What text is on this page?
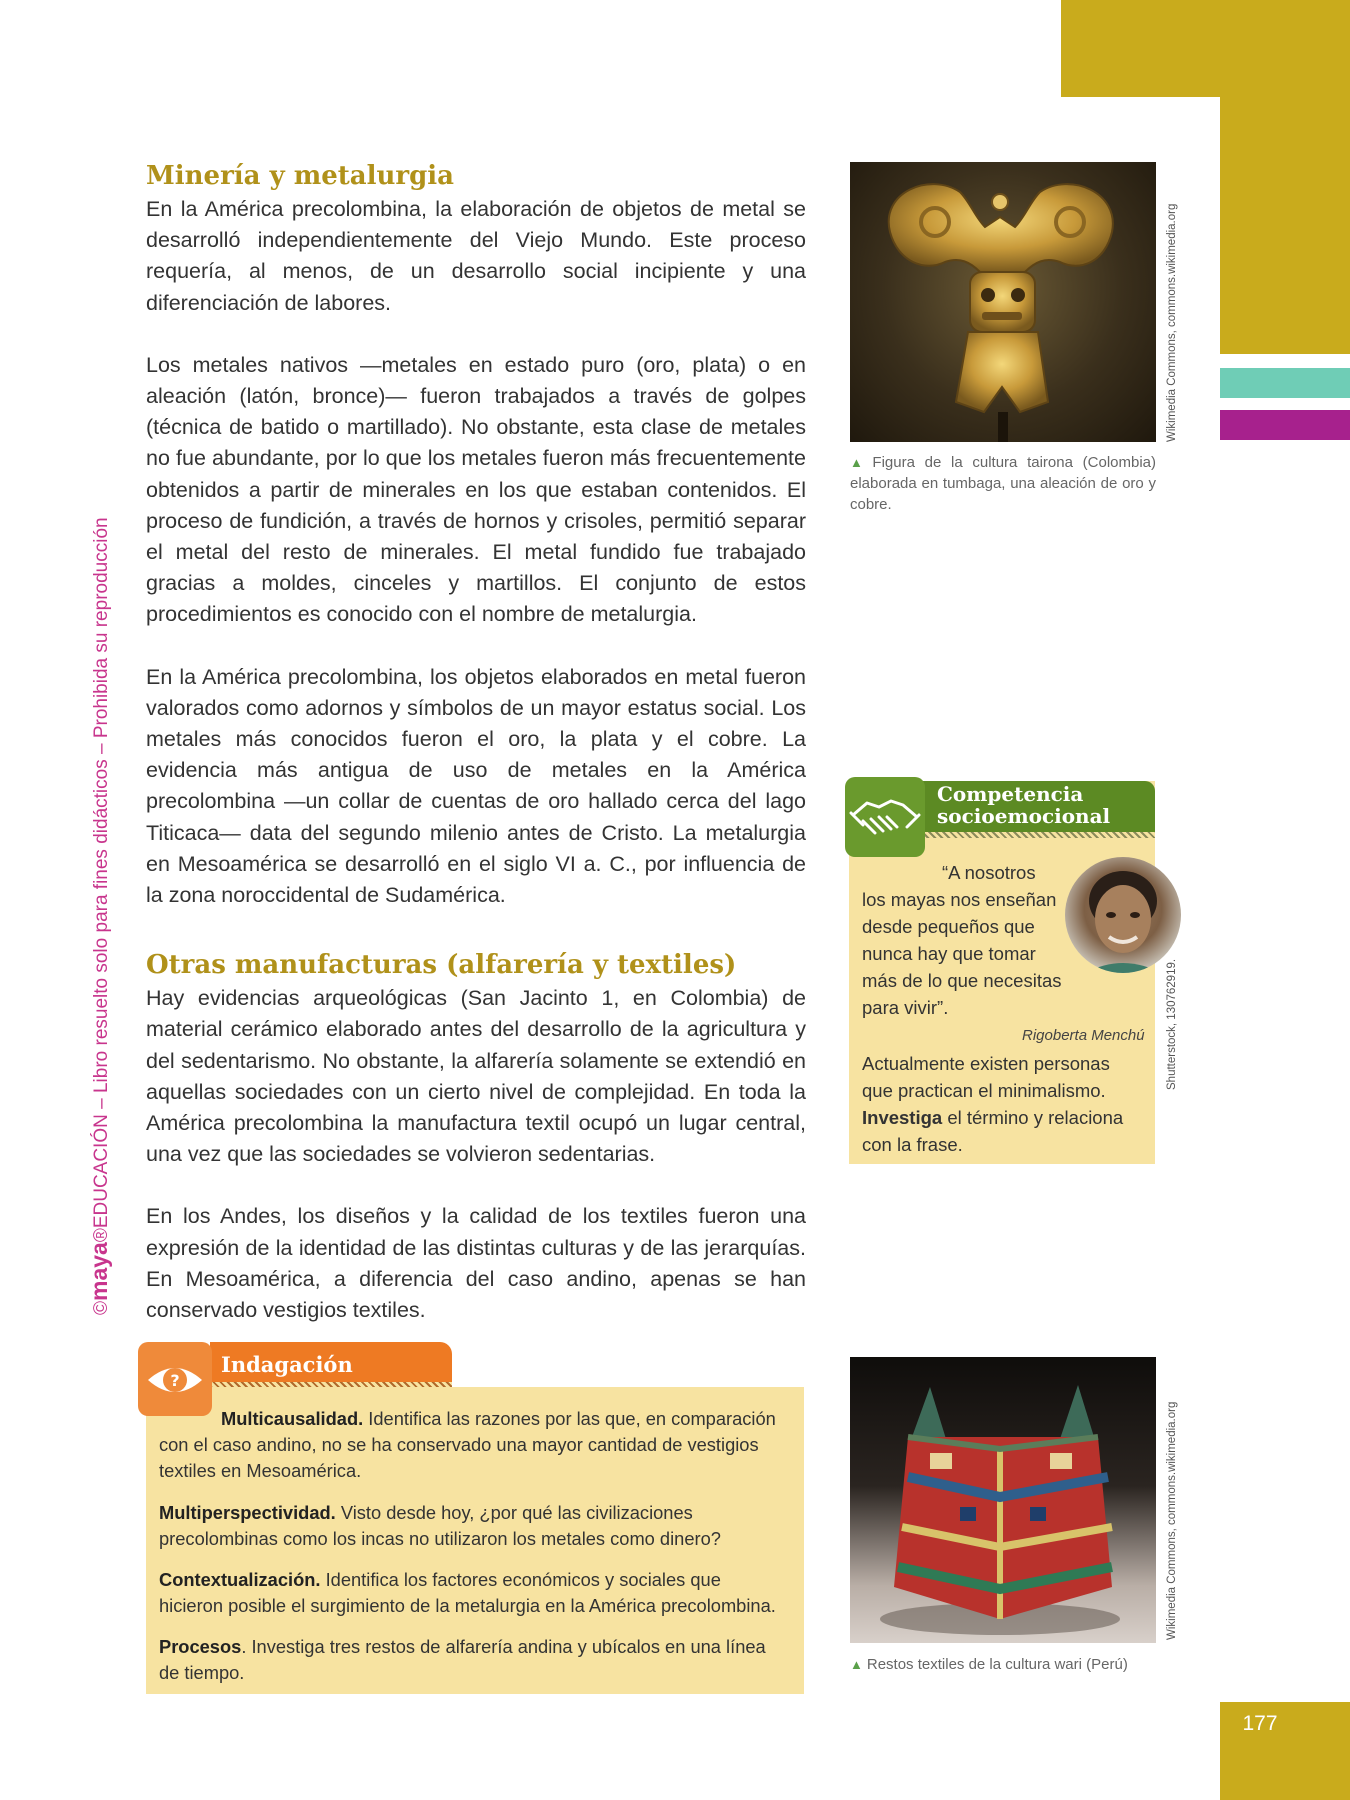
177
©maya®EDUCACIÓN – Libro resuelto solo para fines didácticos – Prohibida su reproducción
Minería y metalurgia

En la América precolombina, la elaboración de objetos de metal se desarrolló independientemente del Viejo Mundo. Este proceso requería, al menos, de un desarrollo social incipiente y una diferenciación de labores.

Los metales nativos —metales en estado puro (oro, plata) o en aleación (latón, bronce)— fueron trabajados a través de golpes (técnica de batido o martillado). No obstante, esta clase de metales no fue abundante, por lo que los metales fueron más frecuentemente obtenidos a partir de minerales en los que estaban contenidos. El proceso de fundición, a través de hornos y crisoles, permitió separar el metal del resto de minerales. El metal fundido fue trabajado gracias a moldes, cinceles y martillos. El conjunto de estos procedimientos es conocido con el nombre de metalurgia.

En la América precolombina, los objetos elaborados en metal fueron valorados como adornos y símbolos de un mayor estatus social. Los metales más conocidos fueron el oro, la plata y el cobre. La evidencia más antigua de uso de metales en la América precolombina —un collar de cuentas de oro hallado cerca del lago Titicaca— data del segundo milenio antes de Cristo. La metalurgia en Mesoamérica se desarrolló en el siglo VI a. C., por influencia de la zona noroccidental de Sudamérica.

Otras manufacturas (alfarería y textiles)

Hay evidencias arqueológicas (San Jacinto 1, en Colombia) de material cerámico elaborado antes del desarrollo de la agricultura y del sedentarismo. No obstante, la alfarería solamente se extendió en aquellas sociedades con un cierto nivel de complejidad. En toda la América precolombina la manufactura textil ocupó un lugar central, una vez que las sociedades se volvieron sedentarias.

En los Andes, los diseños y la calidad de los textiles fueron una expresión de la identidad de las distintas culturas y de las jerarquías. En Mesoamérica, a diferencia del caso andino, apenas se han conservado vestigios textiles.

Wikimedia Commons, commons.wikimedia.org
▲ Figura de la cultura tairona (Colombia) elaborada en tumbaga, una aleación de oro y cobre.
Competencia
socioemocional
Shutterstock, 130762919.
“A nosotros
los mayas nos enseñan
desde pequeños que
nunca hay que tomar
más de lo que necesitas
para vivir”.
Rigoberta Menchú
Actualmente existen personas
que practican el minimalismo.
Investiga el término y relaciona
con la frase.
?
Indagación
Multicausalidad. Identifica las razones por las que, en comparación con el caso andino, no se ha conservado una mayor cantidad de vestigios textiles en Mesoamérica.
Multiperspectividad. Visto desde hoy, ¿por qué las civilizaciones precolombinas como los incas no utilizaron los metales como dinero?
Contextualización. Identifica los factores económicos y sociales que hicieron posible el surgimiento de la metalurgia en la América precolombina.
Procesos. Investiga tres restos de alfarería andina y ubícalos en una línea de tiempo.
Wikimedia Commons, commons.wikimedia.org
▲ Restos textiles de la cultura wari (Perú)
